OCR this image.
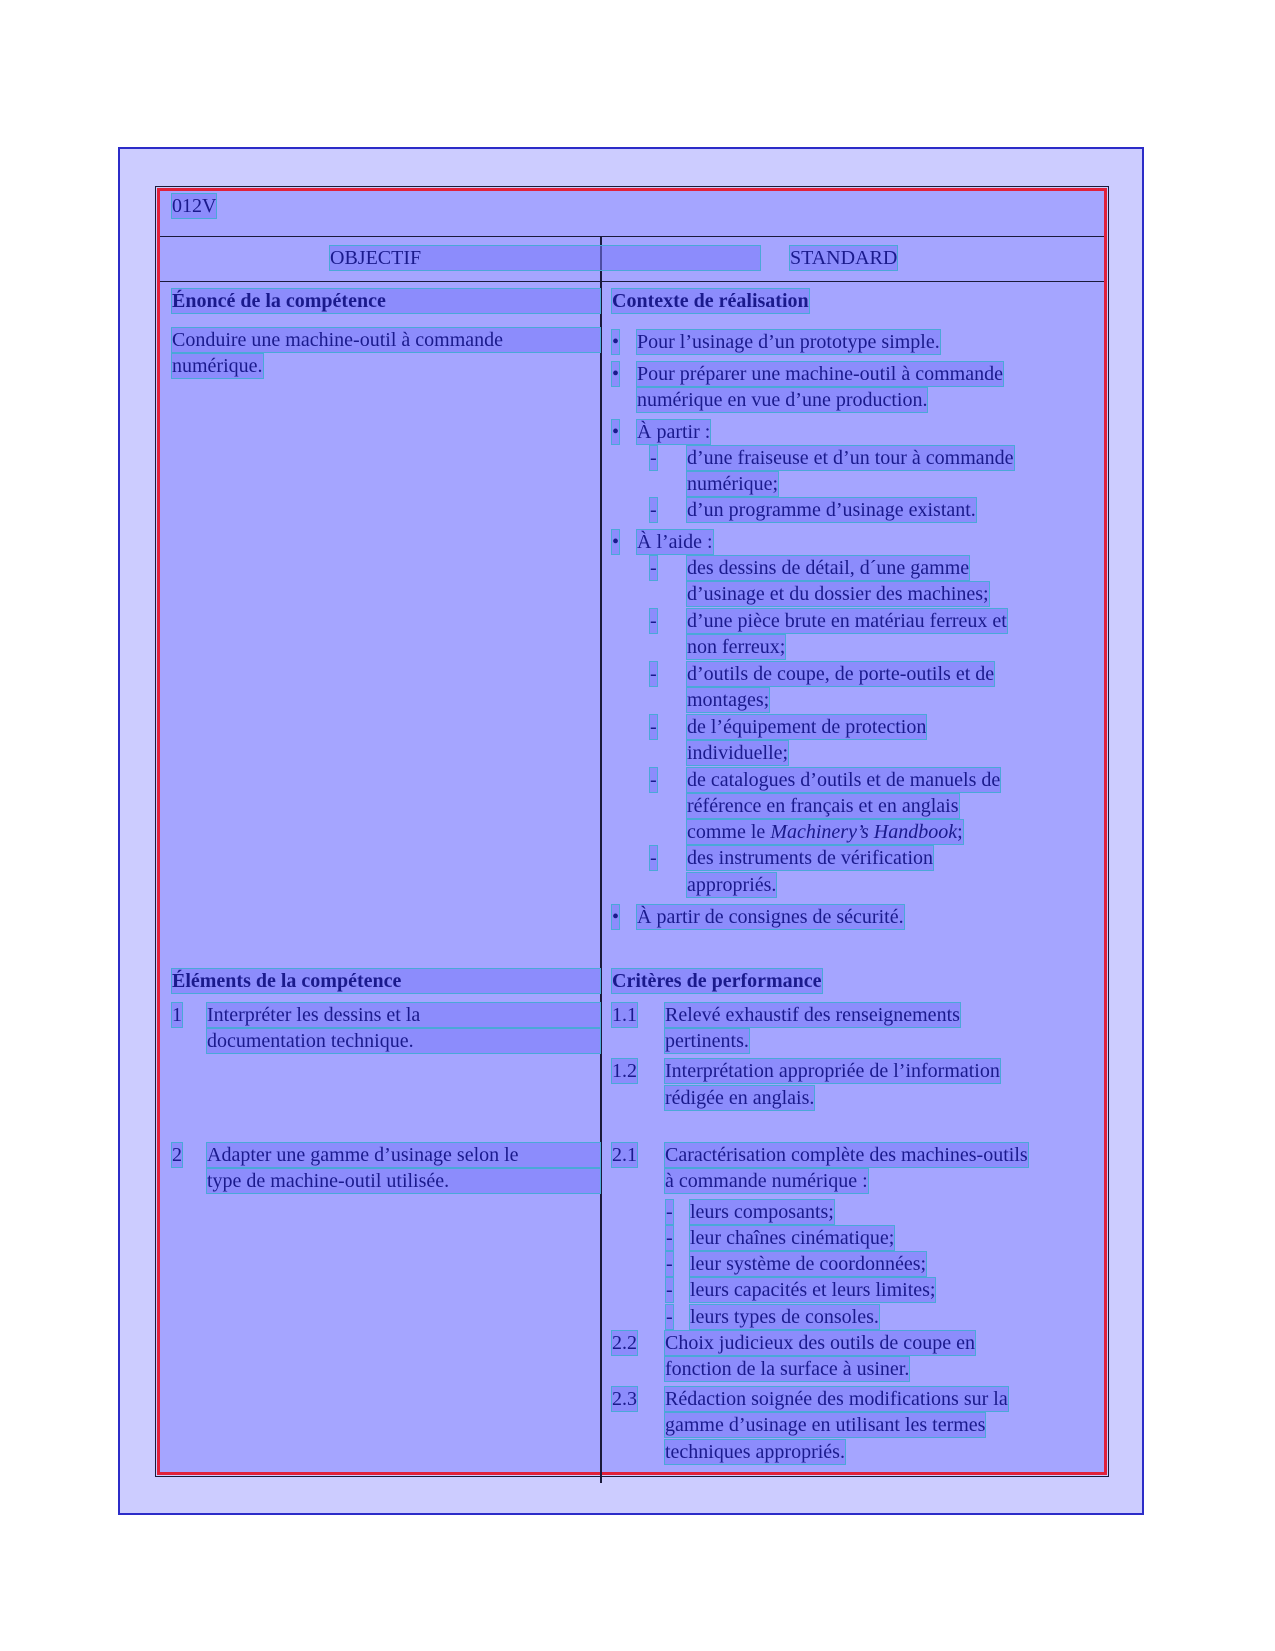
012V
OBJECTIF	STANDARD
Énoncé de la compétence
Conduire une machine-outil à commande
numérique.
Contexte de réalisation
• Pour l’usinage d’un prototype simple.
• Pour préparer une machine-outil à commande
numérique en vue d’une production.
• À partir :
- d’une fraiseuse et d’un tour à commande
numérique;
- d’un programme d’usinage existant.
• À l’aide :
- des dessins de détail, d´une gamme
d’usinage et du dossier des machines;
- d’une pièce brute en matériau ferreux et
non ferreux;
- d’outils de coupe, de porte-outils et de
montages;
- de l’équipement de protection
individuelle;
- de catalogues d’outils et de manuels de
référence en français et en anglais
comme le Machinery’s Handbook;
- des instruments de vérification
appropriés.
• À partir de consignes de sécurité.
Éléments de la compétence
1 Interpréter les dessins et la
documentation technique.
2 Adapter une gamme d’usinage selon le
type de machine-outil utilisée.
Critères de performance
1.1 Relevé exhaustif des renseignements
pertinents.
1.2 Interprétation appropriée de l’information
rédigée en anglais.
2.1 Caractérisation complète des machines-outils
à commande numérique :
- leurs composants;
- leur chaînes cinématique;
- leur système de coordonnées;
- leurs capacités et leurs limites;
- leurs types de consoles.
2.2 Choix judicieux des outils de coupe en
fonction de la surface à usiner.
2.3 Rédaction soignée des modifications sur la
gamme d’usinage en utilisant les termes
techniques appropriés.
